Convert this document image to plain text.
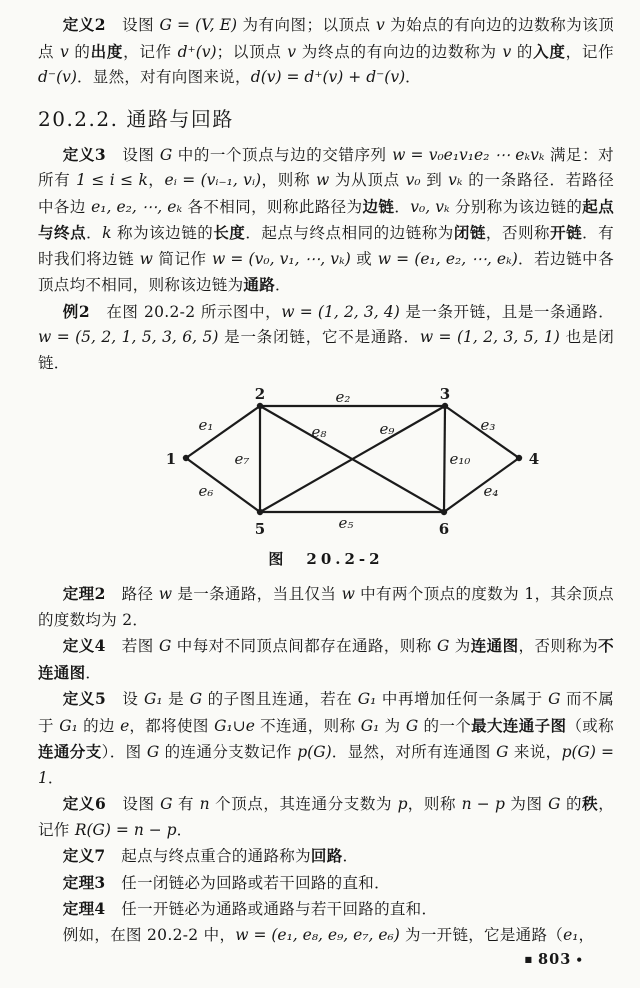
定义2　设图 G = (V, E) 为有向图；以顶点 v 为始点的有向边的边数称为该顶点 v 的出度，记作 d⁺(v)；以顶点 v 为终点的有向边的边数称为 v 的入度，记作 d⁻(v)．显然，对有向图来说，d(v) = d⁺(v) + d⁻(v)．

20.2.2. 通路与回路

定义3　设图 G 中的一个顶点与边的交错序列 w = v₀e₁v₁e₂ ⋯ eₖvₖ 满足：对所有 1 ≤ i ≤ k，eᵢ = (vᵢ₋₁, vᵢ)，则称 w 为从顶点 v₀ 到 vₖ 的一条路径．若路径中各边 e₁, e₂, ⋯, eₖ 各不相同，则称此路径为边链．v₀, vₖ 分别称为该边链的起点与终点．k 称为该边链的长度．起点与终点相同的边链称为闭链，否则称开链．有时我们将边链 w 简记作 w = (v₀, v₁, ⋯, vₖ) 或 w = (e₁, e₂, ⋯, eₖ)．若边链中各顶点均不相同，则称该边链为通路．

例2　在图 20.2-2 所示图中，w = (1, 2, 3, 4) 是一条开链，且是一条通路．w = (5, 2, 1, 5, 3, 6, 5) 是一条闭链，它不是通路．w = (1, 2, 3, 5, 1) 也是闭链．

1
2	3
4
5	6
e₁
e₂
e₃
e₄
e₅
e₆
e₇
e₈	e₉
e₁₀
图　20.2-2

定理2　路径 w 是一条通路，当且仅当 w 中有两个顶点的度数为 1，其余顶点的度数均为 2．

定义4　若图 G 中每对不同顶点间都存在通路，则称 G 为连通图，否则称为不连通图．

定义5　设 G₁ 是 G 的子图且连通，若在 G₁ 中再增加任何一条属于 G 而不属于 G₁ 的边 e，都将使图 G₁∪e 不连通，则称 G₁ 为 G 的一个最大连通子图（或称连通分支）．图 G 的连通分支数记作 p(G)．显然，对所有连通图 G 来说，p(G) = 1．

定义6　设图 G 有 n 个顶点，其连通分支数为 p，则称 n − p 为图 G 的秩，记作 R(G) = n − p．

定义7　起点与终点重合的通路称为回路．

定理3　任一闭链必为回路或若干回路的直和．

定理4　任一开链必为通路或通路与若干回路的直和．

例如，在图 20.2-2 中，w = (e₁, e₈, e₉, e₇, e₆) 为一开链，它是通路（e₁，

■ 803 •
